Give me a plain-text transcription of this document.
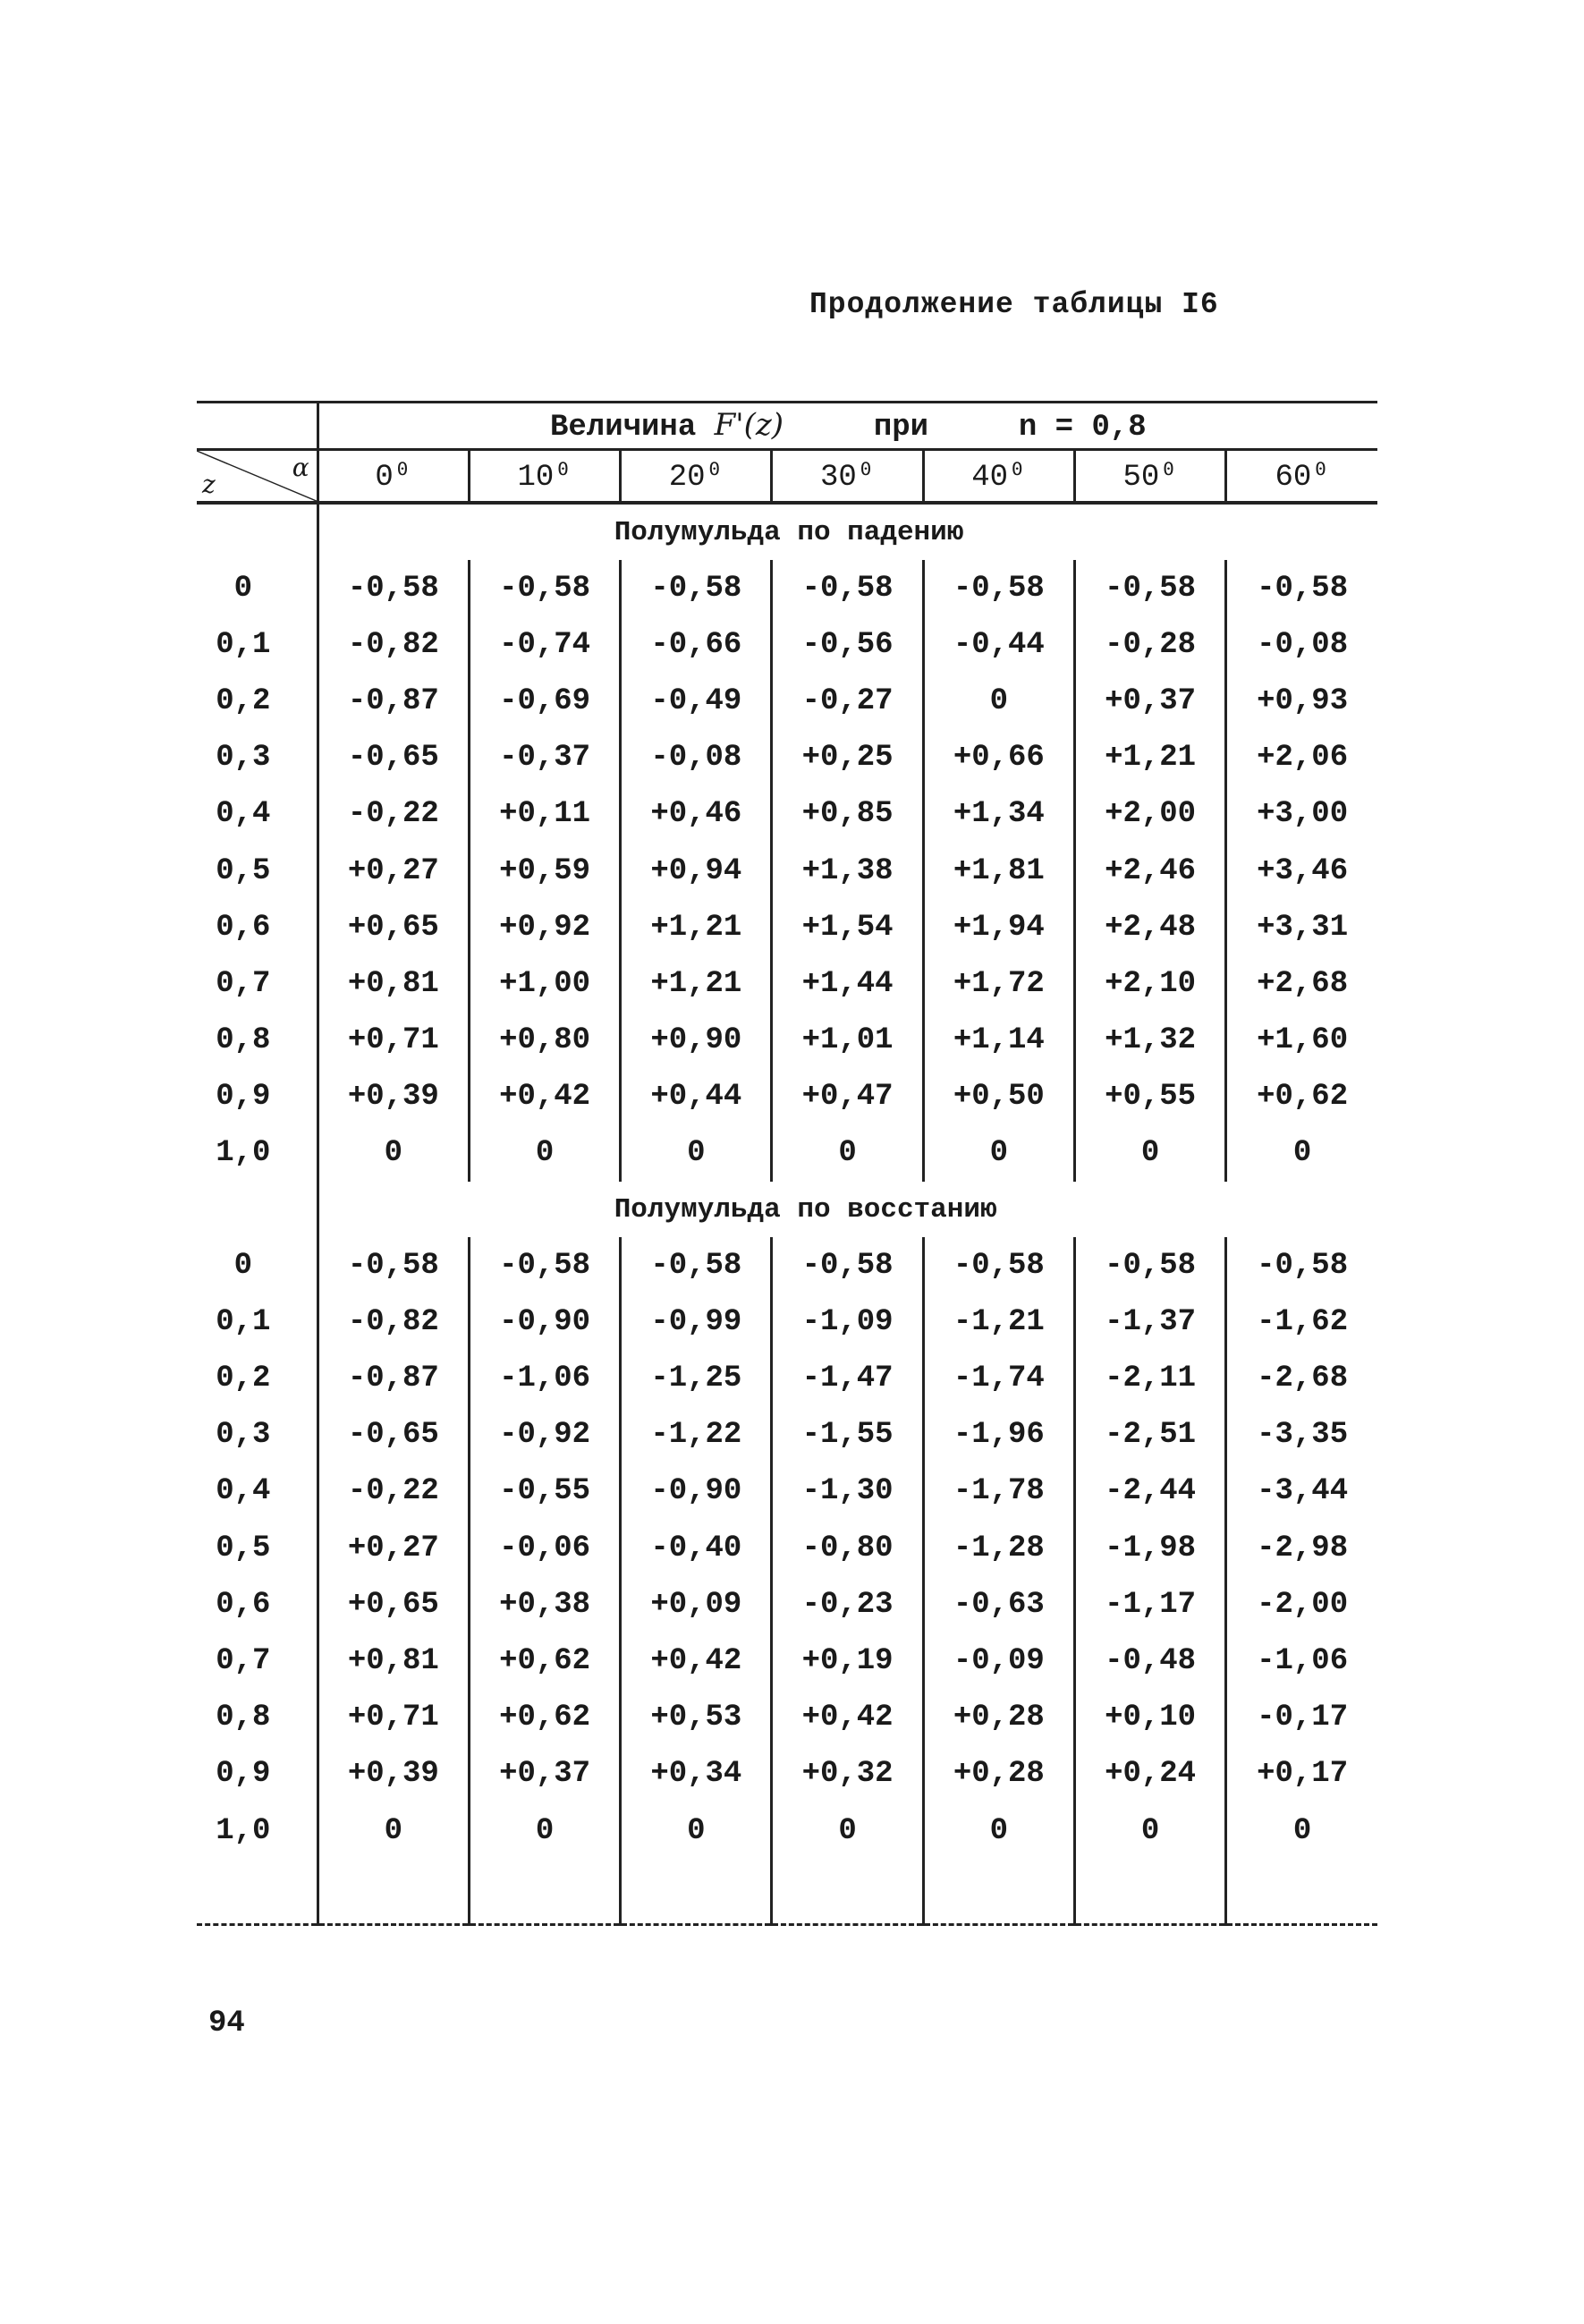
Продолжение таблицы I6

	Величина F'(z) при n = 0,8						

z
α	0⁰	10⁰	20⁰	30⁰	40⁰	50⁰	60⁰
	Полумульда по падению						
0	-0,58	-0,58	-0,58	-0,58	-0,58	-0,58	-0,58
0,1	-0,82	-0,74	-0,66	-0,56	-0,44	-0,28	-0,08
0,2	-0,87	-0,69	-0,49	-0,27	0	+0,37	+0,93
0,3	-0,65	-0,37	-0,08	+0,25	+0,66	+1,21	+2,06
0,4	-0,22	+0,11	+0,46	+0,85	+1,34	+2,00	+3,00
0,5	+0,27	+0,59	+0,94	+1,38	+1,81	+2,46	+3,46
0,6	+0,65	+0,92	+1,21	+1,54	+1,94	+2,48	+3,31
0,7	+0,81	+1,00	+1,21	+1,44	+1,72	+2,10	+2,68
0,8	+0,71	+0,80	+0,90	+1,01	+1,14	+1,32	+1,60
0,9	+0,39	+0,42	+0,44	+0,47	+0,50	+0,55	+0,62
1,0	0	0	0	0	0	0	0
	Полумульда по восстанию						
0	-0,58	-0,58	-0,58	-0,58	-0,58	-0,58	-0,58
0,1	-0,82	-0,90	-0,99	-1,09	-1,21	-1,37	-1,62
0,2	-0,87	-1,06	-1,25	-1,47	-1,74	-2,11	-2,68
0,3	-0,65	-0,92	-1,22	-1,55	-1,96	-2,51	-3,35
0,4	-0,22	-0,55	-0,90	-1,30	-1,78	-2,44	-3,44
0,5	+0,27	-0,06	-0,40	-0,80	-1,28	-1,98	-2,98
0,6	+0,65	+0,38	+0,09	-0,23	-0,63	-1,17	-2,00
0,7	+0,81	+0,62	+0,42	+0,19	-0,09	-0,48	-1,06
0,8	+0,71	+0,62	+0,53	+0,42	+0,28	+0,10	-0,17
0,9	+0,39	+0,37	+0,34	+0,32	+0,28	+0,24	+0,17
1,0	0	0	0	0	0	0	0

94
